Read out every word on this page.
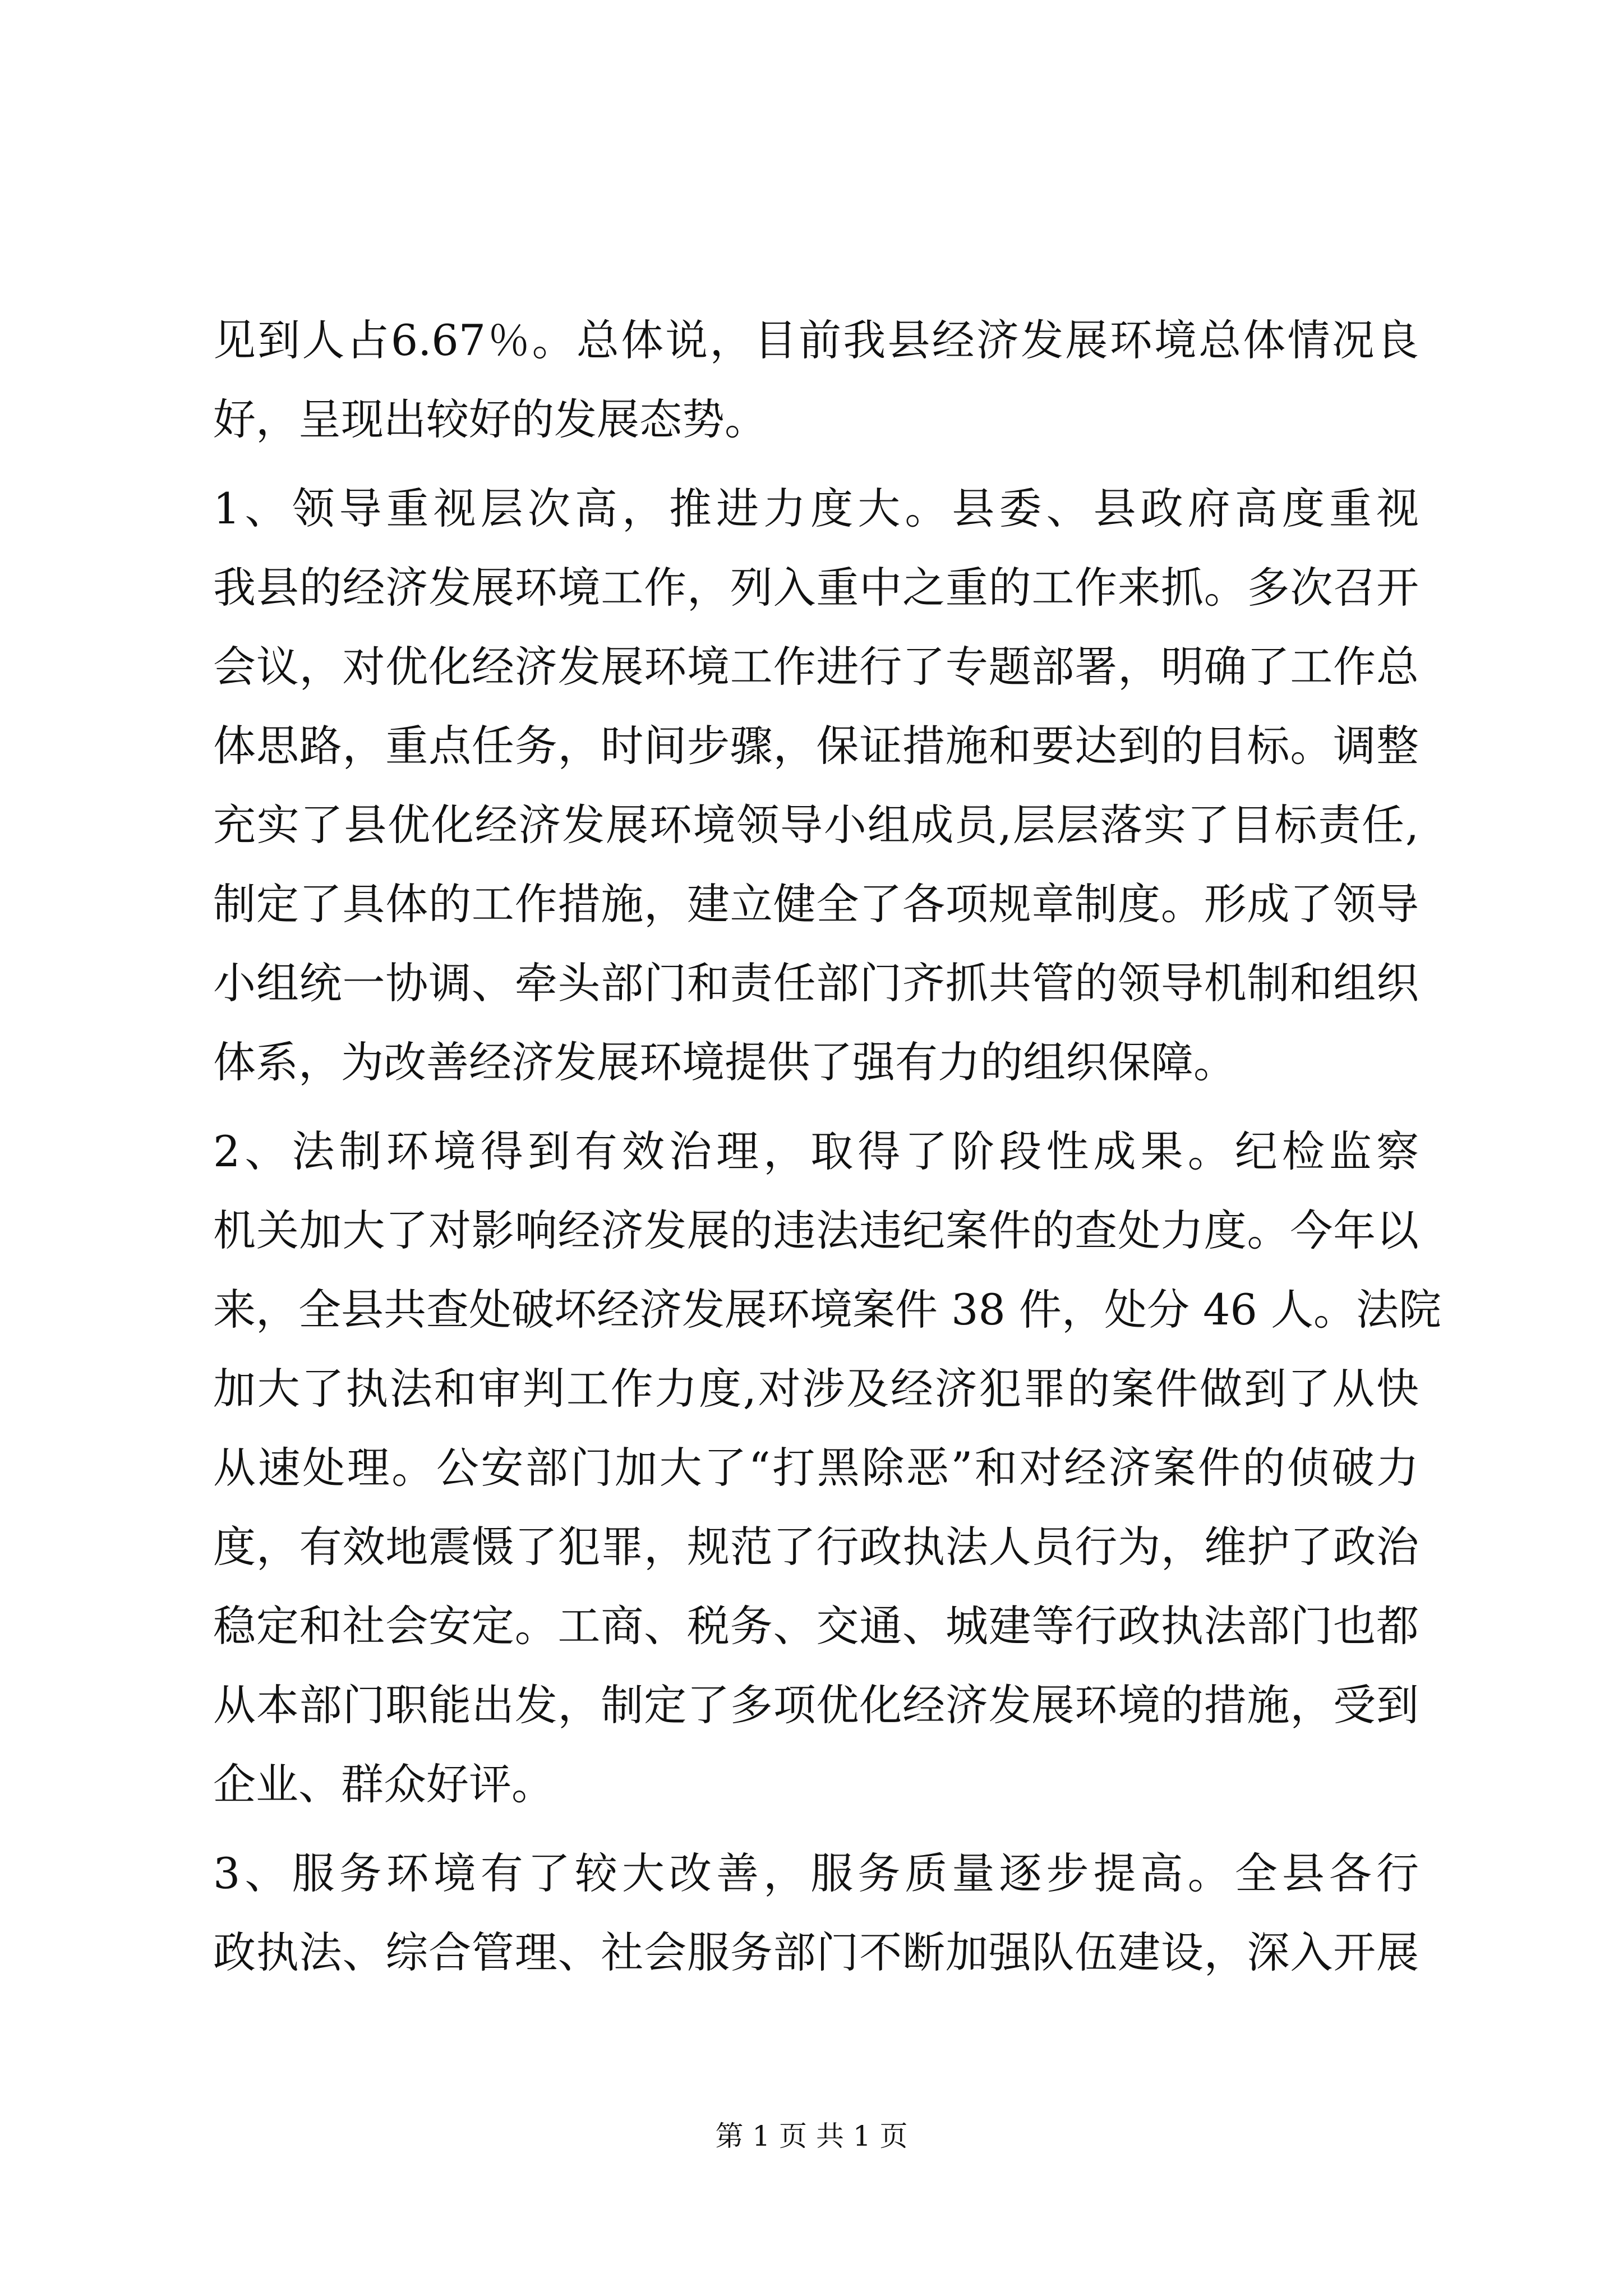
见到人占6.67％。总体说，目前我县经济发展环境总体情况良
好，呈现出较好的发展态势。
1、领导重视层次高，推进力度大。县委、县政府高度重视
我县的经济发展环境工作，列入重中之重的工作来抓。多次召开
会议，对优化经济发展环境工作进行了专题部署，明确了工作总
体思路，重点任务，时间步骤，保证措施和要达到的目标。调整
充实了县优化经济发展环境领导小组成员,层层落实了目标责任,
制定了具体的工作措施，建立健全了各项规章制度。形成了领导
小组统一协调、牵头部门和责任部门齐抓共管的领导机制和组织
体系，为改善经济发展环境提供了强有力的组织保障。
2、法制环境得到有效治理，取得了阶段性成果。纪检监察
机关加大了对影响经济发展的违法违纪案件的查处力度。今年以
来，全县共查处破坏经济发展环境案件 38 件，处分 46 人。法院
加大了执法和审判工作力度,对涉及经济犯罪的案件做到了从快
从速处理。公安部门加大了“打黑除恶”和对经济案件的侦破力
度，有效地震慑了犯罪，规范了行政执法人员行为，维护了政治
稳定和社会安定。工商、税务、交通、城建等行政执法部门也都
从本部门职能出发，制定了多项优化经济发展环境的措施，受到
企业、群众好评。
3、服务环境有了较大改善，服务质量逐步提高。全县各行
政执法、综合管理、社会服务部门不断加强队伍建设，深入开展
第 1 页 共 1 页
